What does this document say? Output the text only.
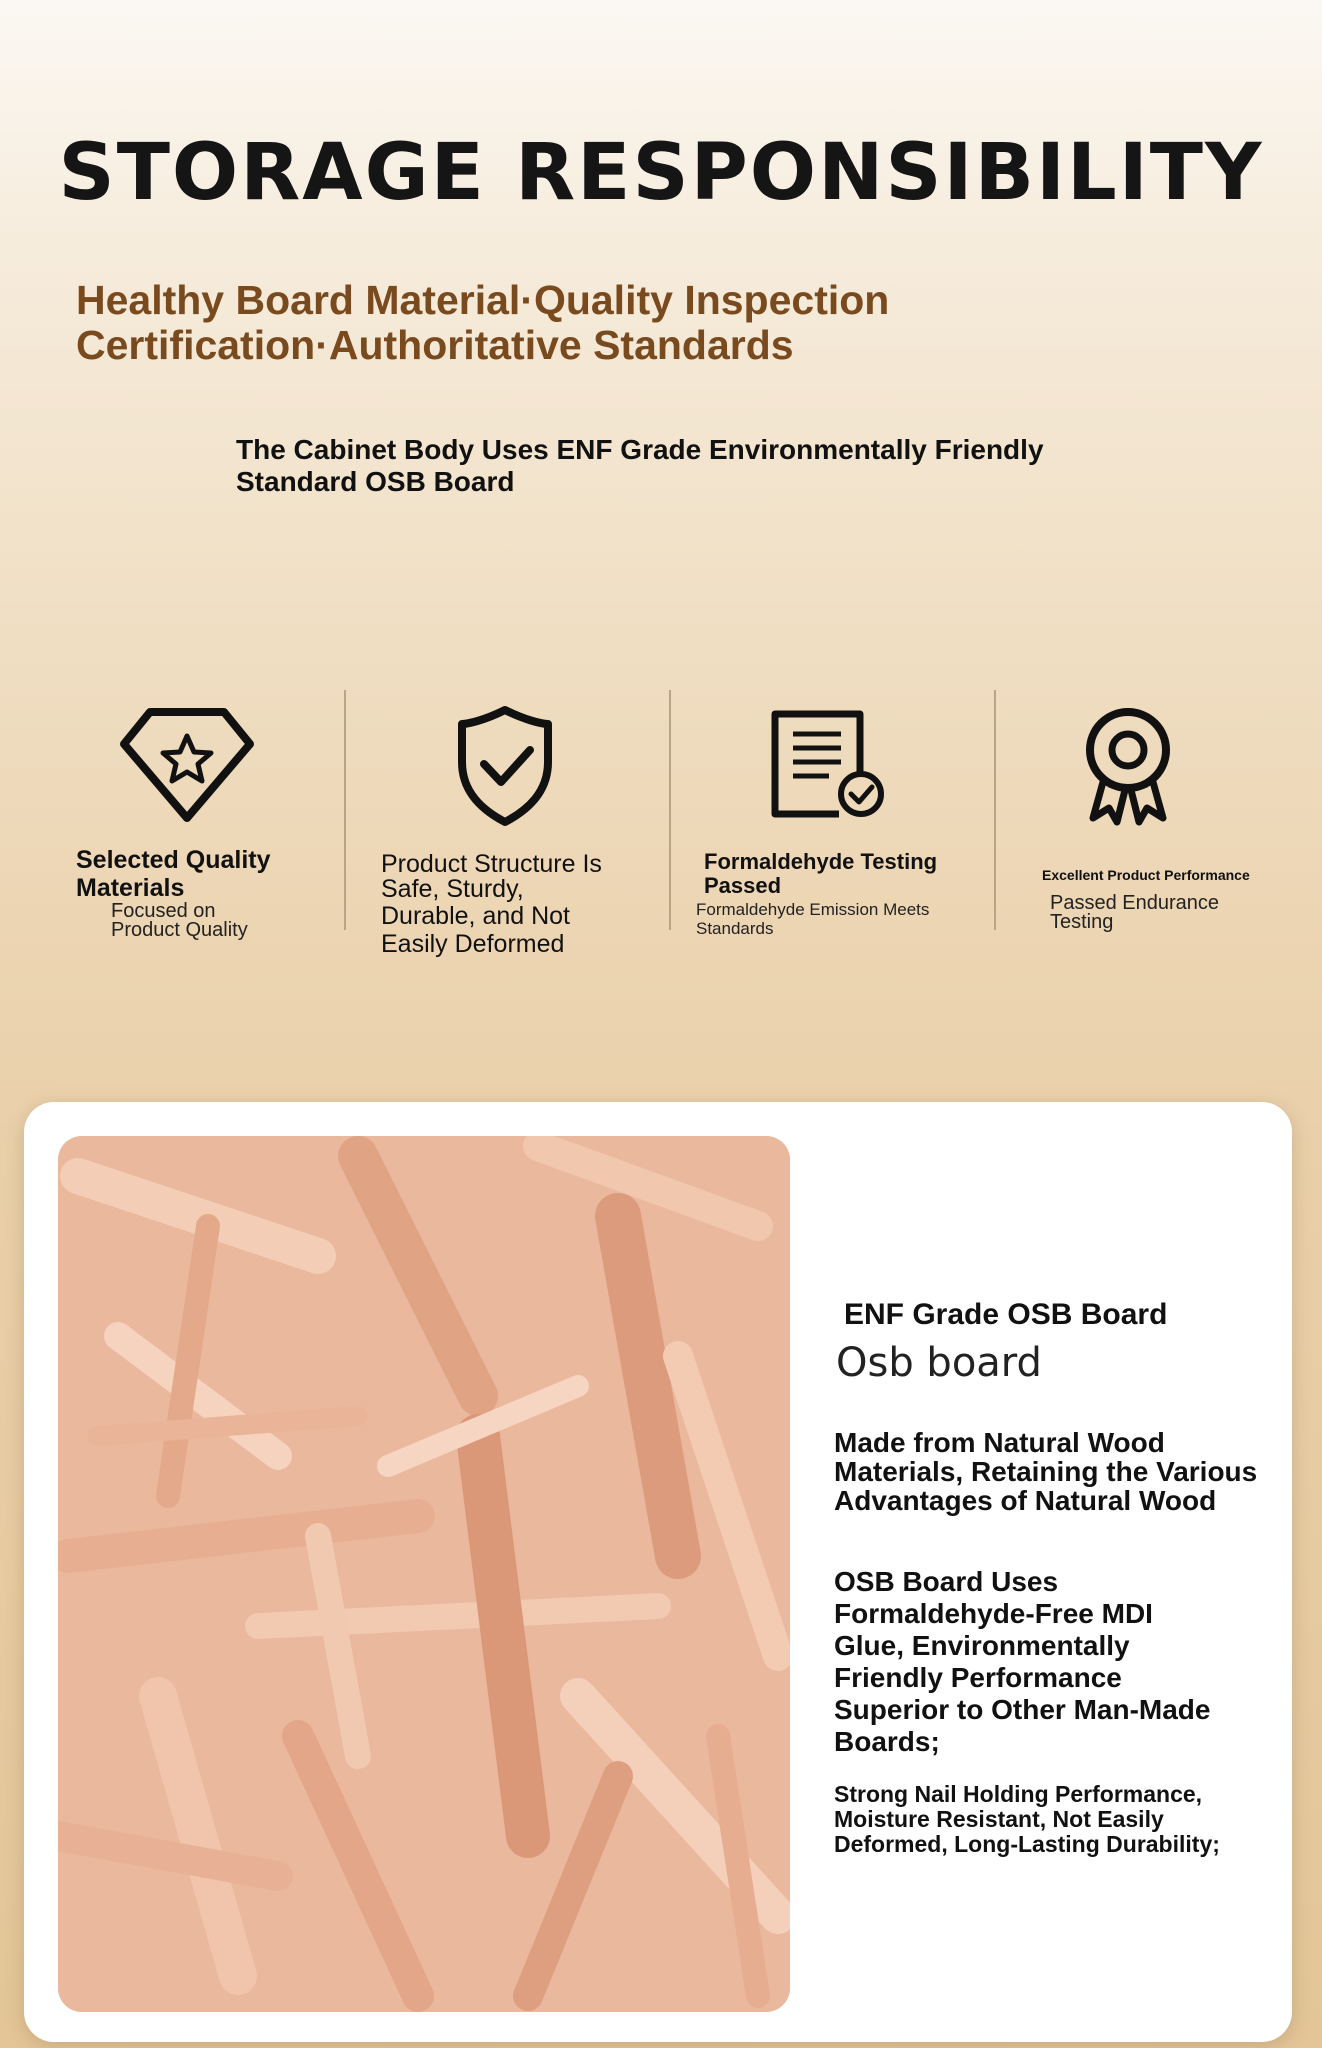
STORAGE RESPONSIBILITY
Healthy Board Material·Quality Inspection
Certification·Authoritative Standards
The Cabinet Body Uses ENF Grade Environmentally Friendly
Standard OSB Board
Selected Quality
Materials
Focused on
Product Quality
Product Structure Is
Safe, Sturdy,
Durable, and Not
Easily Deformed
Formaldehyde Testing
Passed
Formaldehyde Emission Meets
Standards
Excellent Product Performance
Passed Endurance
Testing
ENF Grade OSB Board
Osb board
Made from Natural Wood
Materials, Retaining the Various
Advantages of Natural Wood
OSB Board Uses
Formaldehyde-Free MDI
Glue, Environmentally
Friendly Performance
Superior to Other Man-Made
Boards;
Strong Nail Holding Performance,
Moisture Resistant, Not Easily
Deformed, Long-Lasting Durability;
